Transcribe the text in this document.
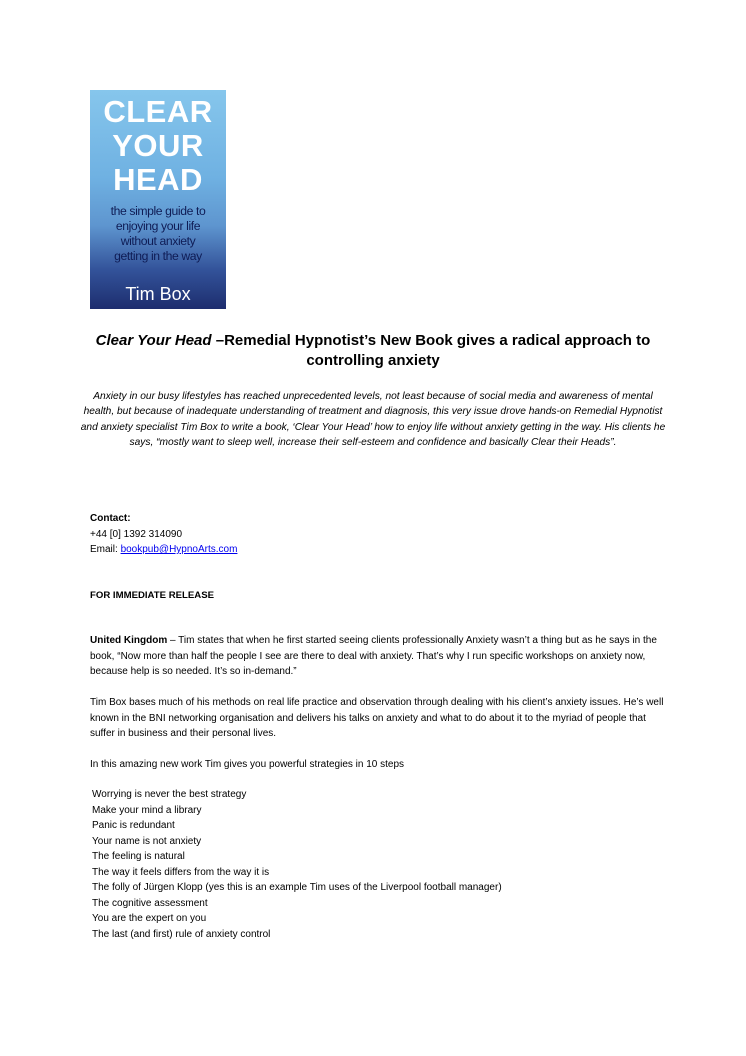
CLEAR
YOUR
HEAD
the simple guide to
enjoying your life
without anxiety
getting in the way
Tim Box
Clear Your Head –Remedial Hypnotist’s New Book gives a radical approach to controlling anxiety
Anxiety in our busy lifestyles has reached unprecedented levels, not least because of social media and awareness of mental health, but because of inadequate understanding of treatment and diagnosis, this very issue drove hands-on Remedial Hypnotist and anxiety specialist Tim Box to write a book, ‘Clear Your Head’ how to enjoy life without anxiety getting in the way. His clients he says, “mostly want to sleep well, increase their self-esteem and confidence and basically Clear their Heads”.
Contact:
+44 [0] 1392 314090
Email: bookpub@HypnoArts.com
FOR IMMEDIATE RELEASE
United Kingdom – Tim states that when he first started seeing clients professionally Anxiety wasn’t a thing but as he says in the book, “Now more than half the people I see are there to deal with anxiety. That’s why I run specific workshops on anxiety now, because help is so needed. It’s so in-demand.”
Tim Box bases much of his methods on real life practice and observation through dealing with his client’s anxiety issues. He’s well known in the BNI networking organisation and delivers his talks on anxiety and what to do about it to the myriad of people that suffer in business and their personal lives.
In this amazing new work Tim gives you powerful strategies in 10 steps
Worrying is never the best strategy
Make your mind a library
Panic is redundant
Your name is not anxiety
The feeling is natural
The way it feels differs from the way it is
The folly of Jürgen Klopp (yes this is an example Tim uses of the Liverpool football manager)
The cognitive assessment
You are the expert on you
The last (and first) rule of anxiety control
